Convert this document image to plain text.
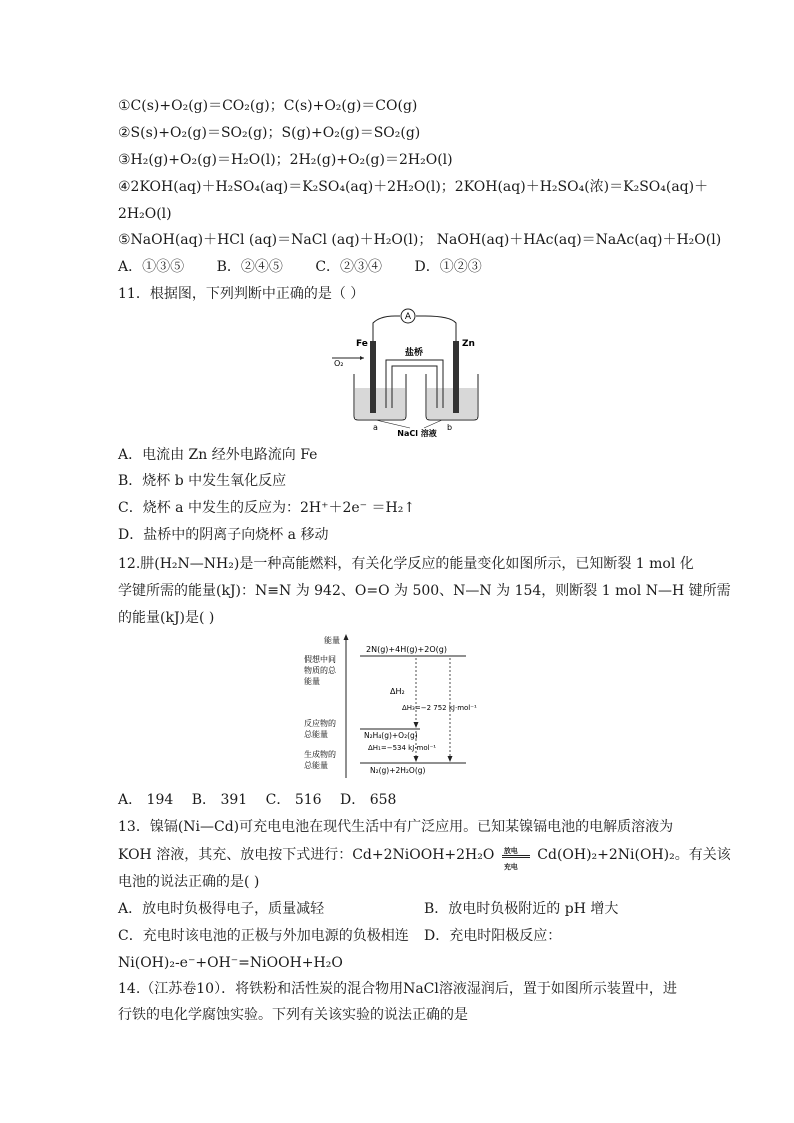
①C(s)+O₂(g)＝CO₂(g)；C(s)+O₂(g)＝CO(g)
②S(s)+O₂(g)＝SO₂(g)；S(g)+O₂(g)＝SO₂(g)
③H₂(g)+O₂(g)＝H₂O(l)；2H₂(g)+O₂(g)＝2H₂O(l)
④2KOH(aq)＋H₂SO₄(aq)＝K₂SO₄(aq)＋2H₂O(l)；2KOH(aq)＋H₂SO₄(浓)＝K₂SO₄(aq)＋
2H₂O(l)
⑤NaOH(aq)＋HCl (aq)＝NaCl (aq)＋H₂O(l)； NaOH(aq)＋HAc(aq)＝NaAc(aq)＋H₂O(l)
A．①③⑤ B．②④⑤ C．②③④ D．①②③
11．根据图，下列判断中正确的是（ ）
A
Fe	Zn
盐桥
O₂
a	b
NaCl 溶液
A．电流由 Zn 经外电路流向 Fe
B．烧杯 b 中发生氧化反应
C．烧杯 a 中发生的反应为：2H⁺＋2e⁻ ＝H₂↑
D．盐桥中的阴离子向烧杯 a 移动
12.肼(H₂N—NH₂)是一种高能燃料，有关化学反应的能量变化如图所示，已知断裂 1 mol 化
学键所需的能量(kJ)：N≡N 为 942、O=O 为 500、N—N 为 154，则断裂 1 mol N—H 键所需
的能量(kJ)是( )
能量
假想中间
物质的总
能量
反应物的
总能量
生成物的
总能量
2N(g)+4H(g)+2O(g)
N₂H₄(g)+O₂(g)
N₂(g)+2H₂O(g)
ΔH₂
ΔH₃=−2 752 kJ·mol⁻¹
ΔH₁=−534 kJ·mol⁻¹
A． 194 B． 391 C． 516 D． 658
13．镍镉(Ni—Cd)可充电电池在现代生活中有广泛应用。已知某镍镉电池的电解质溶液为
KOH 溶液，其充、放电按下式进行：Cd+2NiOOH+2H₂O 放电
充电
Cd(OH)₂+2Ni(OH)₂。有关该
电池的说法正确的是( )
A．放电时负极得电子，质量减轻	B．放电时负极附近的 pH 增大
C．充电时该电池的正极与外加电源的负极相连 D．充电时阳极反应：
Ni(OH)₂-e⁻+OH⁻=NiOOH+H₂O
14.（江苏卷10）．将铁粉和活性炭的混合物用NaCl溶液湿润后，置于如图所示装置中，进
行铁的电化学腐蚀实验。下列有关该实验的说法正确的是
